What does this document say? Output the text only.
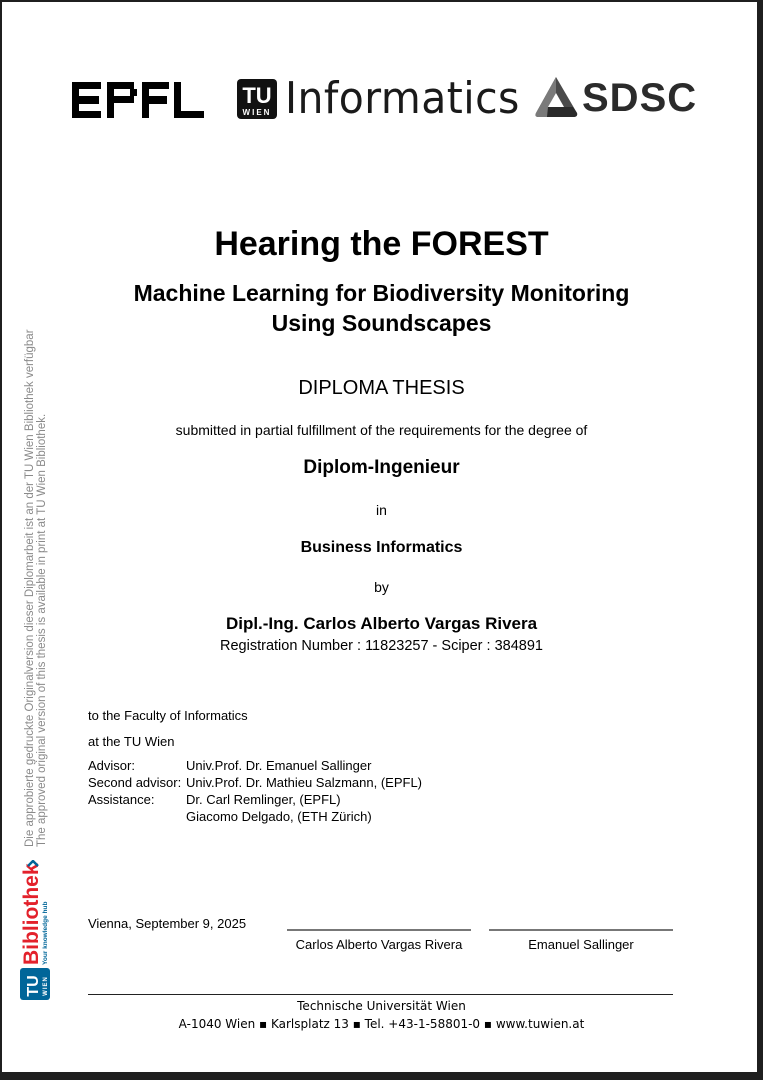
TU
WIEN Informatics SDSC
Hearing the FOREST
Machine Learning for Biodiversity Monitoring
Using Soundscapes
DIPLOMA THESIS
submitted in partial fulfillment of the requirements for the degree of
Diplom-Ingenieur
in
Business Informatics
by
Dipl.-Ing. Carlos Alberto Vargas Rivera
Registration Number : 11823257 - Sciper : 384891
to the Faculty of Informatics
at the TU Wien
Advisor:	Univ.Prof. Dr. Emanuel Sallinger
Second advisor: Univ.Prof. Dr. Mathieu Salzmann, (EPFL)
Assistance:	Dr. Carl Remlinger, (EPFL)
Giacomo Delgado, (ETH Zürich)
Vienna, September 9, 2025
Carlos Alberto Vargas Rivera	Emanuel Sallinger
Technische Universität Wien
A-1040 Wien ▪ Karlsplatz 13 ▪ Tel. +43-1-58801-0 ▪ www.tuwien.at
Die approbierte gedruckte Originalversion dieser Diplomarbeit ist an der TU Wien Bibliothek verfügbar The approved original version of this thesis is available in print at TU Wien Bibliothek.
TU WIEN
Bibliothek Your knowledge hub
